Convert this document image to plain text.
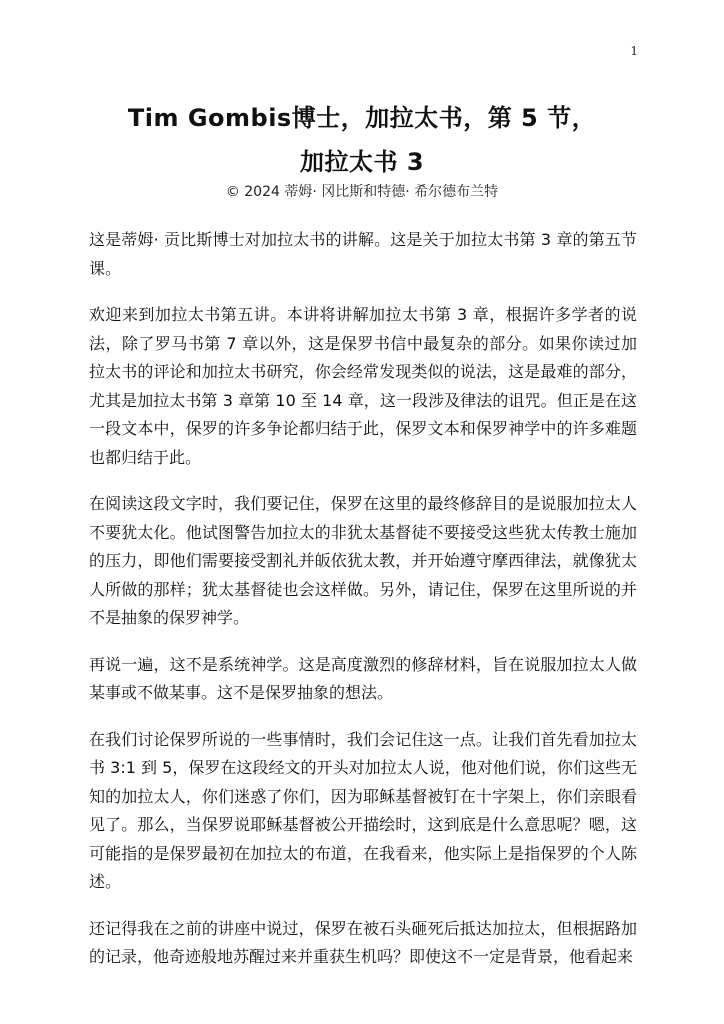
1
Tim Gombis博士，加拉太书，第 5 节，
加拉太书 3
© 2024 蒂姆· 冈比斯和特德· 希尔德布兰特

这是蒂姆· 贡比斯博士对加拉太书的讲解。这是关于加拉太书第 3 章的第五节课。

欢迎来到加拉太书第五讲。本讲将讲解加拉太书第 3 章，根据许多学者的说法，除了罗马书第 7 章以外，这是保罗书信中最复杂的部分。如果你读过加拉太书的评论和加拉太书研究，你会经常发现类似的说法，这是最难的部分，尤其是加拉太书第 3 章第 10 至 14 章，这一段涉及律法的诅咒。但正是在这一段文本中，保罗的许多争论都归结于此，保罗文本和保罗神学中的许多难题也都归结于此。

在阅读这段文字时，我们要记住，保罗在这里的最终修辞目的是说服加拉太人不要犹太化。他试图警告加拉太的非犹太基督徒不要接受这些犹太传教士施加的压力，即他们需要接受割礼并皈依犹太教，并开始遵守摩西律法，就像犹太人所做的那样；犹太基督徒也会这样做。另外，请记住，保罗在这里所说的并不是抽象的保罗神学。

再说一遍，这不是系统神学。这是高度激烈的修辞材料，旨在说服加拉太人做某事或不做某事。这不是保罗抽象的想法。

在我们讨论保罗所说的一些事情时，我们会记住这一点。让我们首先看加拉太书 3:1 到 5，保罗在这段经文的开头对加拉太人说，他对他们说，你们这些无知的加拉太人，你们迷惑了你们，因为耶稣基督被钉在十字架上，你们亲眼看见了。那么，当保罗说耶稣基督被公开描绘时，这到底是什么意思呢？嗯，这可能指的是保罗最初在加拉太的布道，在我看来，他实际上是指保罗的个人陈述。

还记得我在之前的讲座中说过，保罗在被石头砸死后抵达加拉太，但根据路加的记录，他奇迹般地苏醒过来并重获生机吗？即使这不一定是背景，他看起来
